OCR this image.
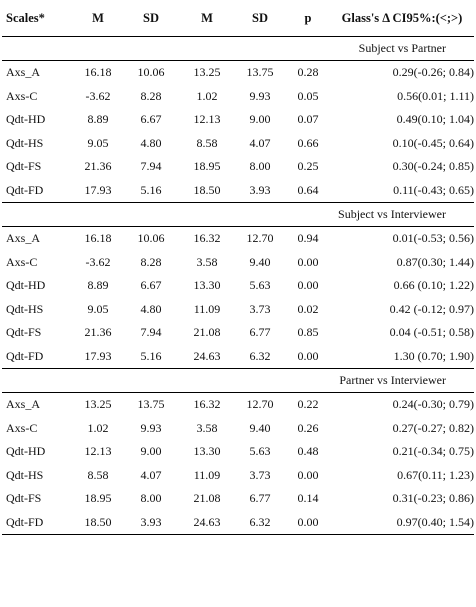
Scales*	M	SD	M	SD	p	Glass's Δ CI95%:(<;>)
Subject vs Partner						
Axs_A	16.18	10.06	13.25	13.75	0.28	0.29(-0.26; 0.84)
Axs-C	-3.62	8.28	1.02	9.93	0.05	0.56(0.01; 1.11)
Qdt-HD	8.89	6.67	12.13	9.00	0.07	0.49(0.10; 1.04)
Qdt-HS	9.05	4.80	8.58	4.07	0.66	0.10(-0.45; 0.64)
Qdt-FS	21.36	7.94	18.95	8.00	0.25	0.30(-0.24; 0.85)
Qdt-FD	17.93	5.16	18.50	3.93	0.64	0.11(-0.43; 0.65)
Subject vs Interviewer						
Axs_A	16.18	10.06	16.32	12.70	0.94	0.01(-0.53; 0.56)
Axs-C	-3.62	8.28	3.58	9.40	0.00	0.87(0.30; 1.44)
Qdt-HD	8.89	6.67	13.30	5.63	0.00	0.66 (0.10; 1.22)
Qdt-HS	9.05	4.80	11.09	3.73	0.02	0.42 (-0.12; 0.97)
Qdt-FS	21.36	7.94	21.08	6.77	0.85	0.04 (-0.51; 0.58)
Qdt-FD	17.93	5.16	24.63	6.32	0.00	1.30 (0.70; 1.90)
Partner vs Interviewer						
Axs_A	13.25	13.75	16.32	12.70	0.22	0.24(-0.30; 0.79)
Axs-C	1.02	9.93	3.58	9.40	0.26	0.27(-0.27; 0.82)
Qdt-HD	12.13	9.00	13.30	5.63	0.48	0.21(-0.34; 0.75)
Qdt-HS	8.58	4.07	11.09	3.73	0.00	0.67(0.11; 1.23)
Qdt-FS	18.95	8.00	21.08	6.77	0.14	0.31(-0.23; 0.86)
Qdt-FD	18.50	3.93	24.63	6.32	0.00	0.97(0.40; 1.54)
